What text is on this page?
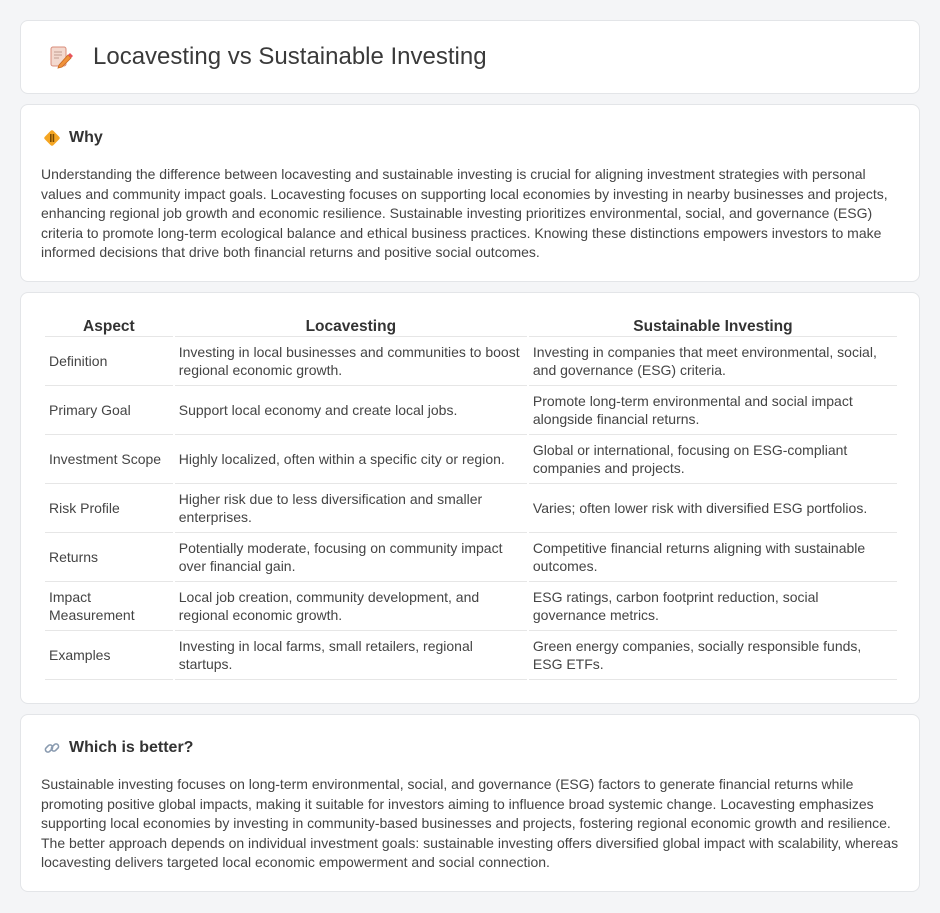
Locavesting vs Sustainable Investing
Why

Understanding the difference between locavesting and sustainable investing is crucial for aligning investment strategies with personal values and community impact goals. Locavesting focuses on supporting local economies by investing in nearby businesses and projects, enhancing regional job growth and economic resilience. Sustainable investing prioritizes environmental, social, and governance (ESG) criteria to promote long-term ecological balance and ethical business practices. Knowing these distinctions empowers investors to make informed decisions that drive both financial returns and positive social outcomes.

Aspect	Locavesting	Sustainable Investing
Definition	Investing in local businesses and communities to boost regional economic growth.	Investing in companies that meet environmental, social, and governance (ESG) criteria.
Primary Goal	Support local economy and create local jobs.	Promote long-term environmental and social impact alongside financial returns.
Investment Scope	Highly localized, often within a specific city or region.	Global or international, focusing on ESG-compliant companies and projects.
Risk Profile	Higher risk due to less diversification and smaller enterprises.	Varies; often lower risk with diversified ESG portfolios.
Returns	Potentially moderate, focusing on community impact over financial gain.	Competitive financial returns aligning with sustainable outcomes.
Impact Measurement	Local job creation, community development, and regional economic growth.	ESG ratings, carbon footprint reduction, social governance metrics.
Examples	Investing in local farms, small retailers, regional startups.	Green energy companies, socially responsible funds, ESG ETFs.
Which is better?

Sustainable investing focuses on long-term environmental, social, and governance (ESG) factors to generate financial returns while promoting positive global impacts, making it suitable for investors aiming to influence broad systemic change. Locavesting emphasizes supporting local economies by investing in community-based businesses and projects, fostering regional economic growth and resilience. The better approach depends on individual investment goals: sustainable investing offers diversified global impact with scalability, whereas locavesting delivers targeted local economic empowerment and social connection.
